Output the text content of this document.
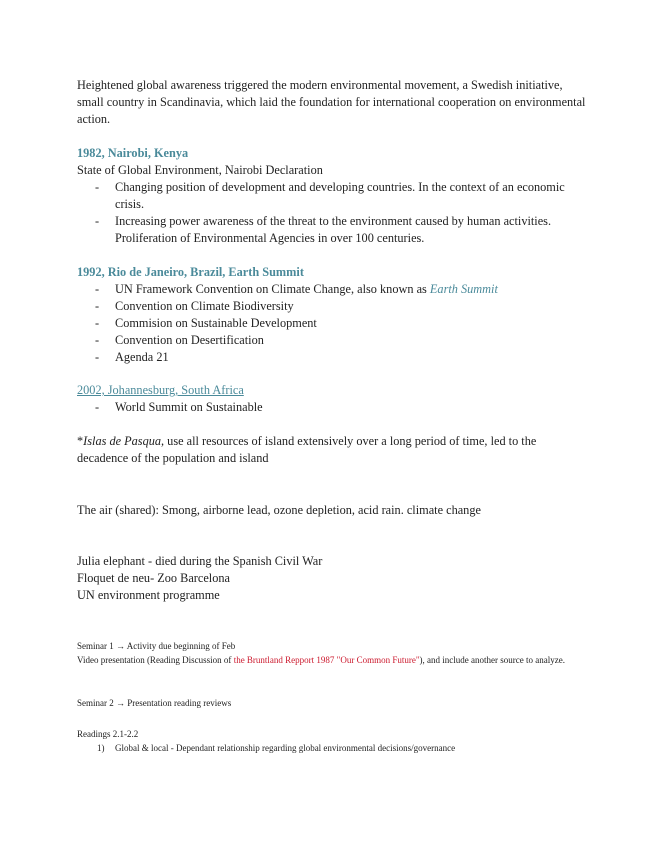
Heightened global awareness triggered the modern environmental movement, a Swedish initiative, small country in Scandinavia, which laid the foundation for international cooperation on environmental action.

1982, Nairobi, Kenya

State of Global Environment, Nairobi Declaration

- Changing position of development and developing countries. In the context of an economic crisis.
- Increasing power awareness of the threat to the environment caused by human activities. Proliferation of Environmental Agencies in over 100 centuries.

1992, Rio de Janeiro, Brazil, Earth Summit

- UN Framework Convention on Climate Change, also known as Earth Summit
- Convention on Climate Biodiversity
- Commision on Sustainable Development
- Convention on Desertification
- Agenda 21

2002, Johannesburg, South Africa

- World Summit on Sustainable

*Islas de Pasqua, use all resources of island extensively over a long period of time, led to the decadence of the population and island

The air (shared): Smong, airborne lead, ozone depletion, acid rain. climate change

Julia elephant - died during the Spanish Civil War

Floquet de neu- Zoo Barcelona

UN environment programme

Seminar 1 → Activity due beginning of Feb

Video presentation (Reading Discussion of the Bruntland Repport 1987 "Our Common Future"), and include another source to analyze.

Seminar 2 → Presentation reading reviews

Readings 2.1-2.2

1) Global & local - Dependant relationship regarding global environmental decisions/governance
